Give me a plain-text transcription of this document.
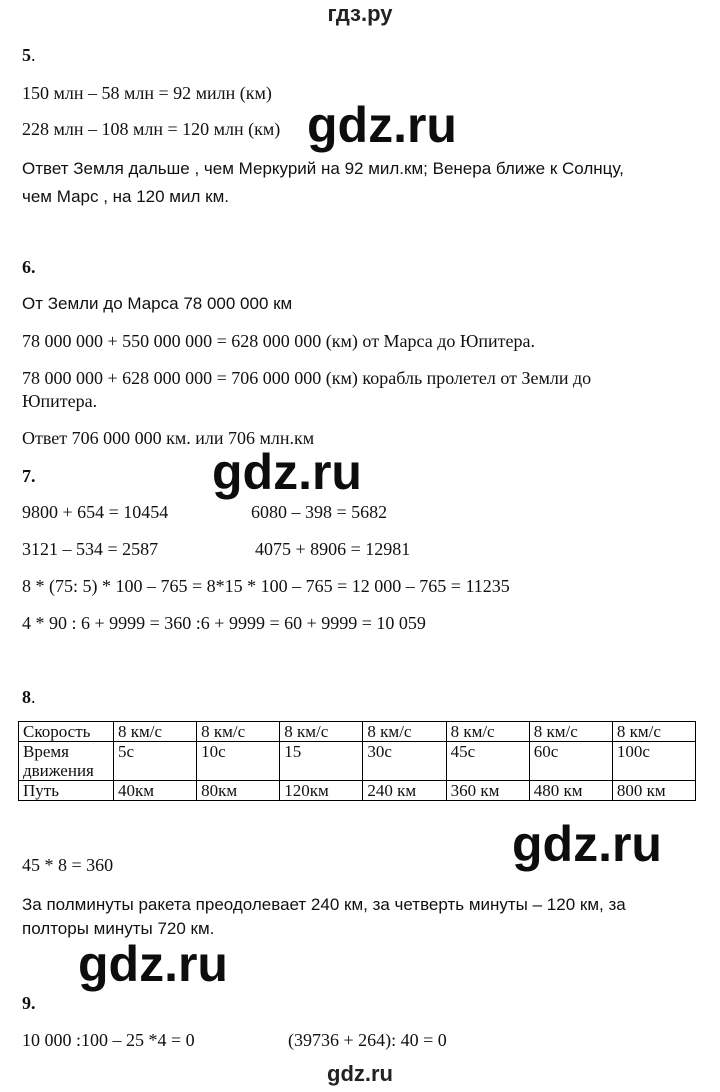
гдз.ру
5.
150 млн – 58 млн = 92 милн (км)
228 млн – 108 млн = 120 млн (км)
Ответ Земля дальше , чем Меркурий на 92 мил.км; Венера ближе к Солнцу,
чем Марс , на 120 мил км.
gdz.ru
6.
От Земли до Марса 78 000 000 км
78 000 000 + 550 000 000 = 628 000 000 (км) от Марса до Юпитера.
78 000 000 + 628 000 000 = 706 000 000 (км) корабль пролетел от Земли до
Юпитера.
Ответ 706 000 000 км. или 706 млн.км
gdz.ru
7.
9800 + 654 = 10454	6080 – 398 = 5682
3121 – 534 = 2587	4075 + 8906 = 12981
8 * (75: 5) * 100 – 765 = 8*15 * 100 – 765 = 12 000 – 765 = 11235
4 * 90 : 6 + 9999 = 360 :6 + 9999 = 60 + 9999 = 10 059
8.
Скорость	8 км/с	8 км/с	8 км/с	8 км/с	8 км/с	8 км/с	8 км/с

Время
движения	5с	10с	15	30с	45с	60с	100с
Путь	40км	80км	120км	240 км	360 км	480 км	800 км
gdz.ru
45 * 8 = 360
За полминуты ракета преодолевает 240 км, за четверть минуты – 120 км, за
полторы минуты 720 км.
gdz.ru
9.
10 000 :100 – 25 *4 = 0	(39736 + 264): 40 = 0
gdz.ru
